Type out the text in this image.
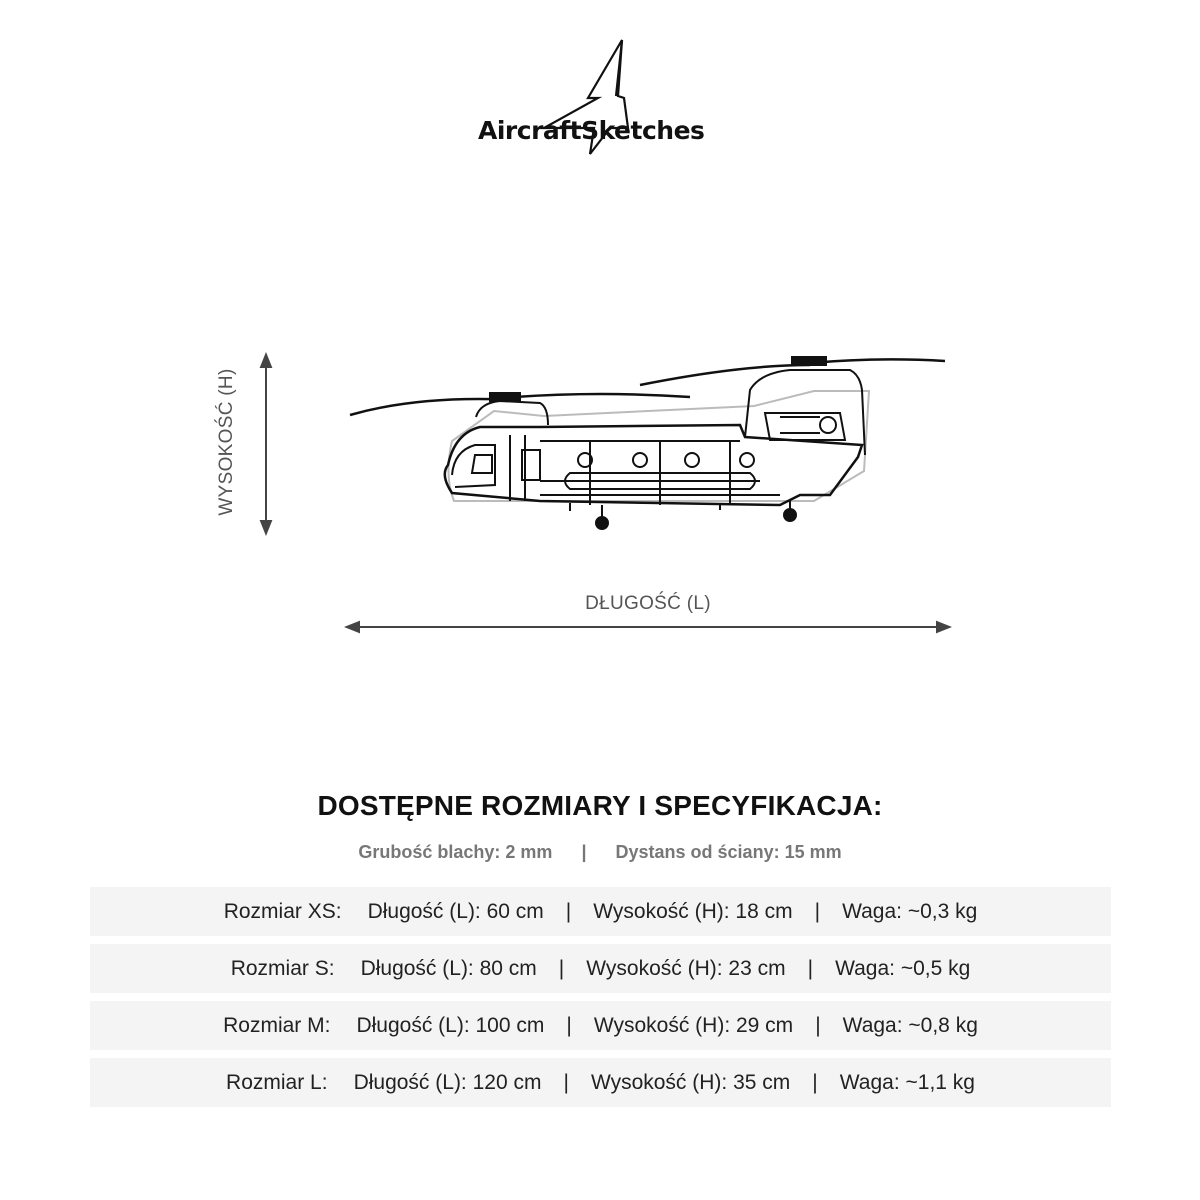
AircraftSketches
WYSOKOŚĆ (H)
DŁUGOŚĆ (L)
DOSTĘPNE ROZMIARY I SPECYFIKACJA:
Grubość blachy: 2 mm | Dystans od ściany: 15 mm
Rozmiar XS: Długość (L): 60 cm | Wysokość (H): 18 cm | Waga: ~0,3 kg
Rozmiar S: Długość (L): 80 cm | Wysokość (H): 23 cm | Waga: ~0,5 kg
Rozmiar M: Długość (L): 100 cm | Wysokość (H): 29 cm | Waga: ~0,8 kg
Rozmiar L: Długość (L): 120 cm | Wysokość (H): 35 cm | Waga: ~1,1 kg
